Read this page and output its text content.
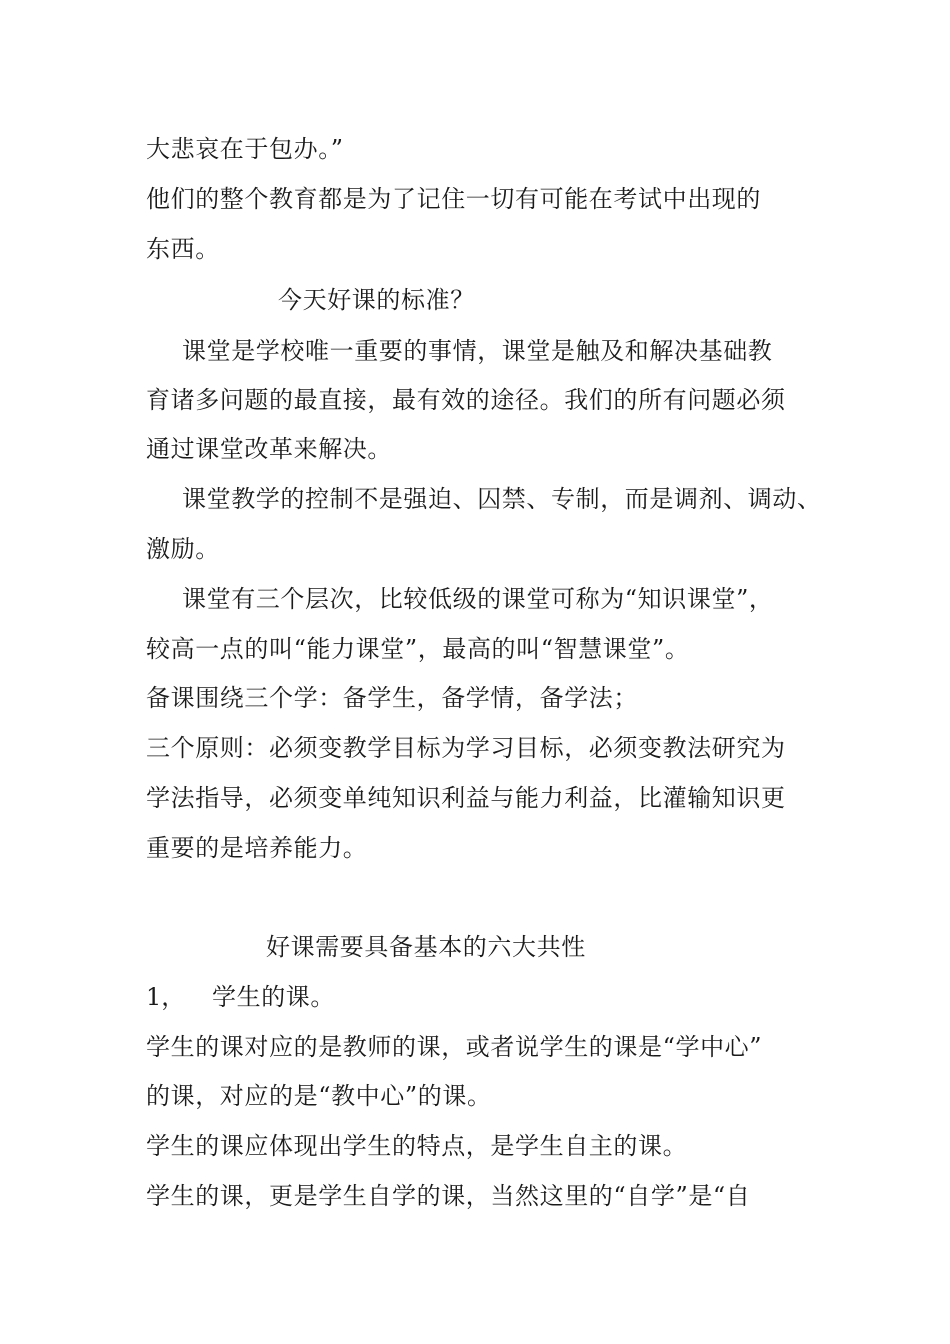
大悲哀在于包办。”
他们的整个教育都是为了记住一切有可能在考试中出现的
东西。
今天好课的标准？
课堂是学校唯一重要的事情，课堂是触及和解决基础教
育诸多问题的最直接，最有效的途径。我们的所有问题必须
通过课堂改革来解决。
课堂教学的控制不是强迫、囚禁、专制，而是调剂、调动、
激励。
课堂有三个层次，比较低级的课堂可称为“知识课堂”，
较高一点的叫“能力课堂”，最高的叫“智慧课堂”。
备课围绕三个学：备学生，备学情，备学法；
三个原则：必须变教学目标为学习目标，必须变教法研究为
学法指导，必须变单纯知识利益与能力利益，比灌输知识更
重要的是培养能力。
好课需要具备基本的六大共性
1， 学生的课。
学生的课对应的是教师的课，或者说学生的课是“学中心”
的课，对应的是“教中心”的课。
学生的课应体现出学生的特点，是学生自主的课。
学生的课，更是学生自学的课，当然这里的“自学”是“自
